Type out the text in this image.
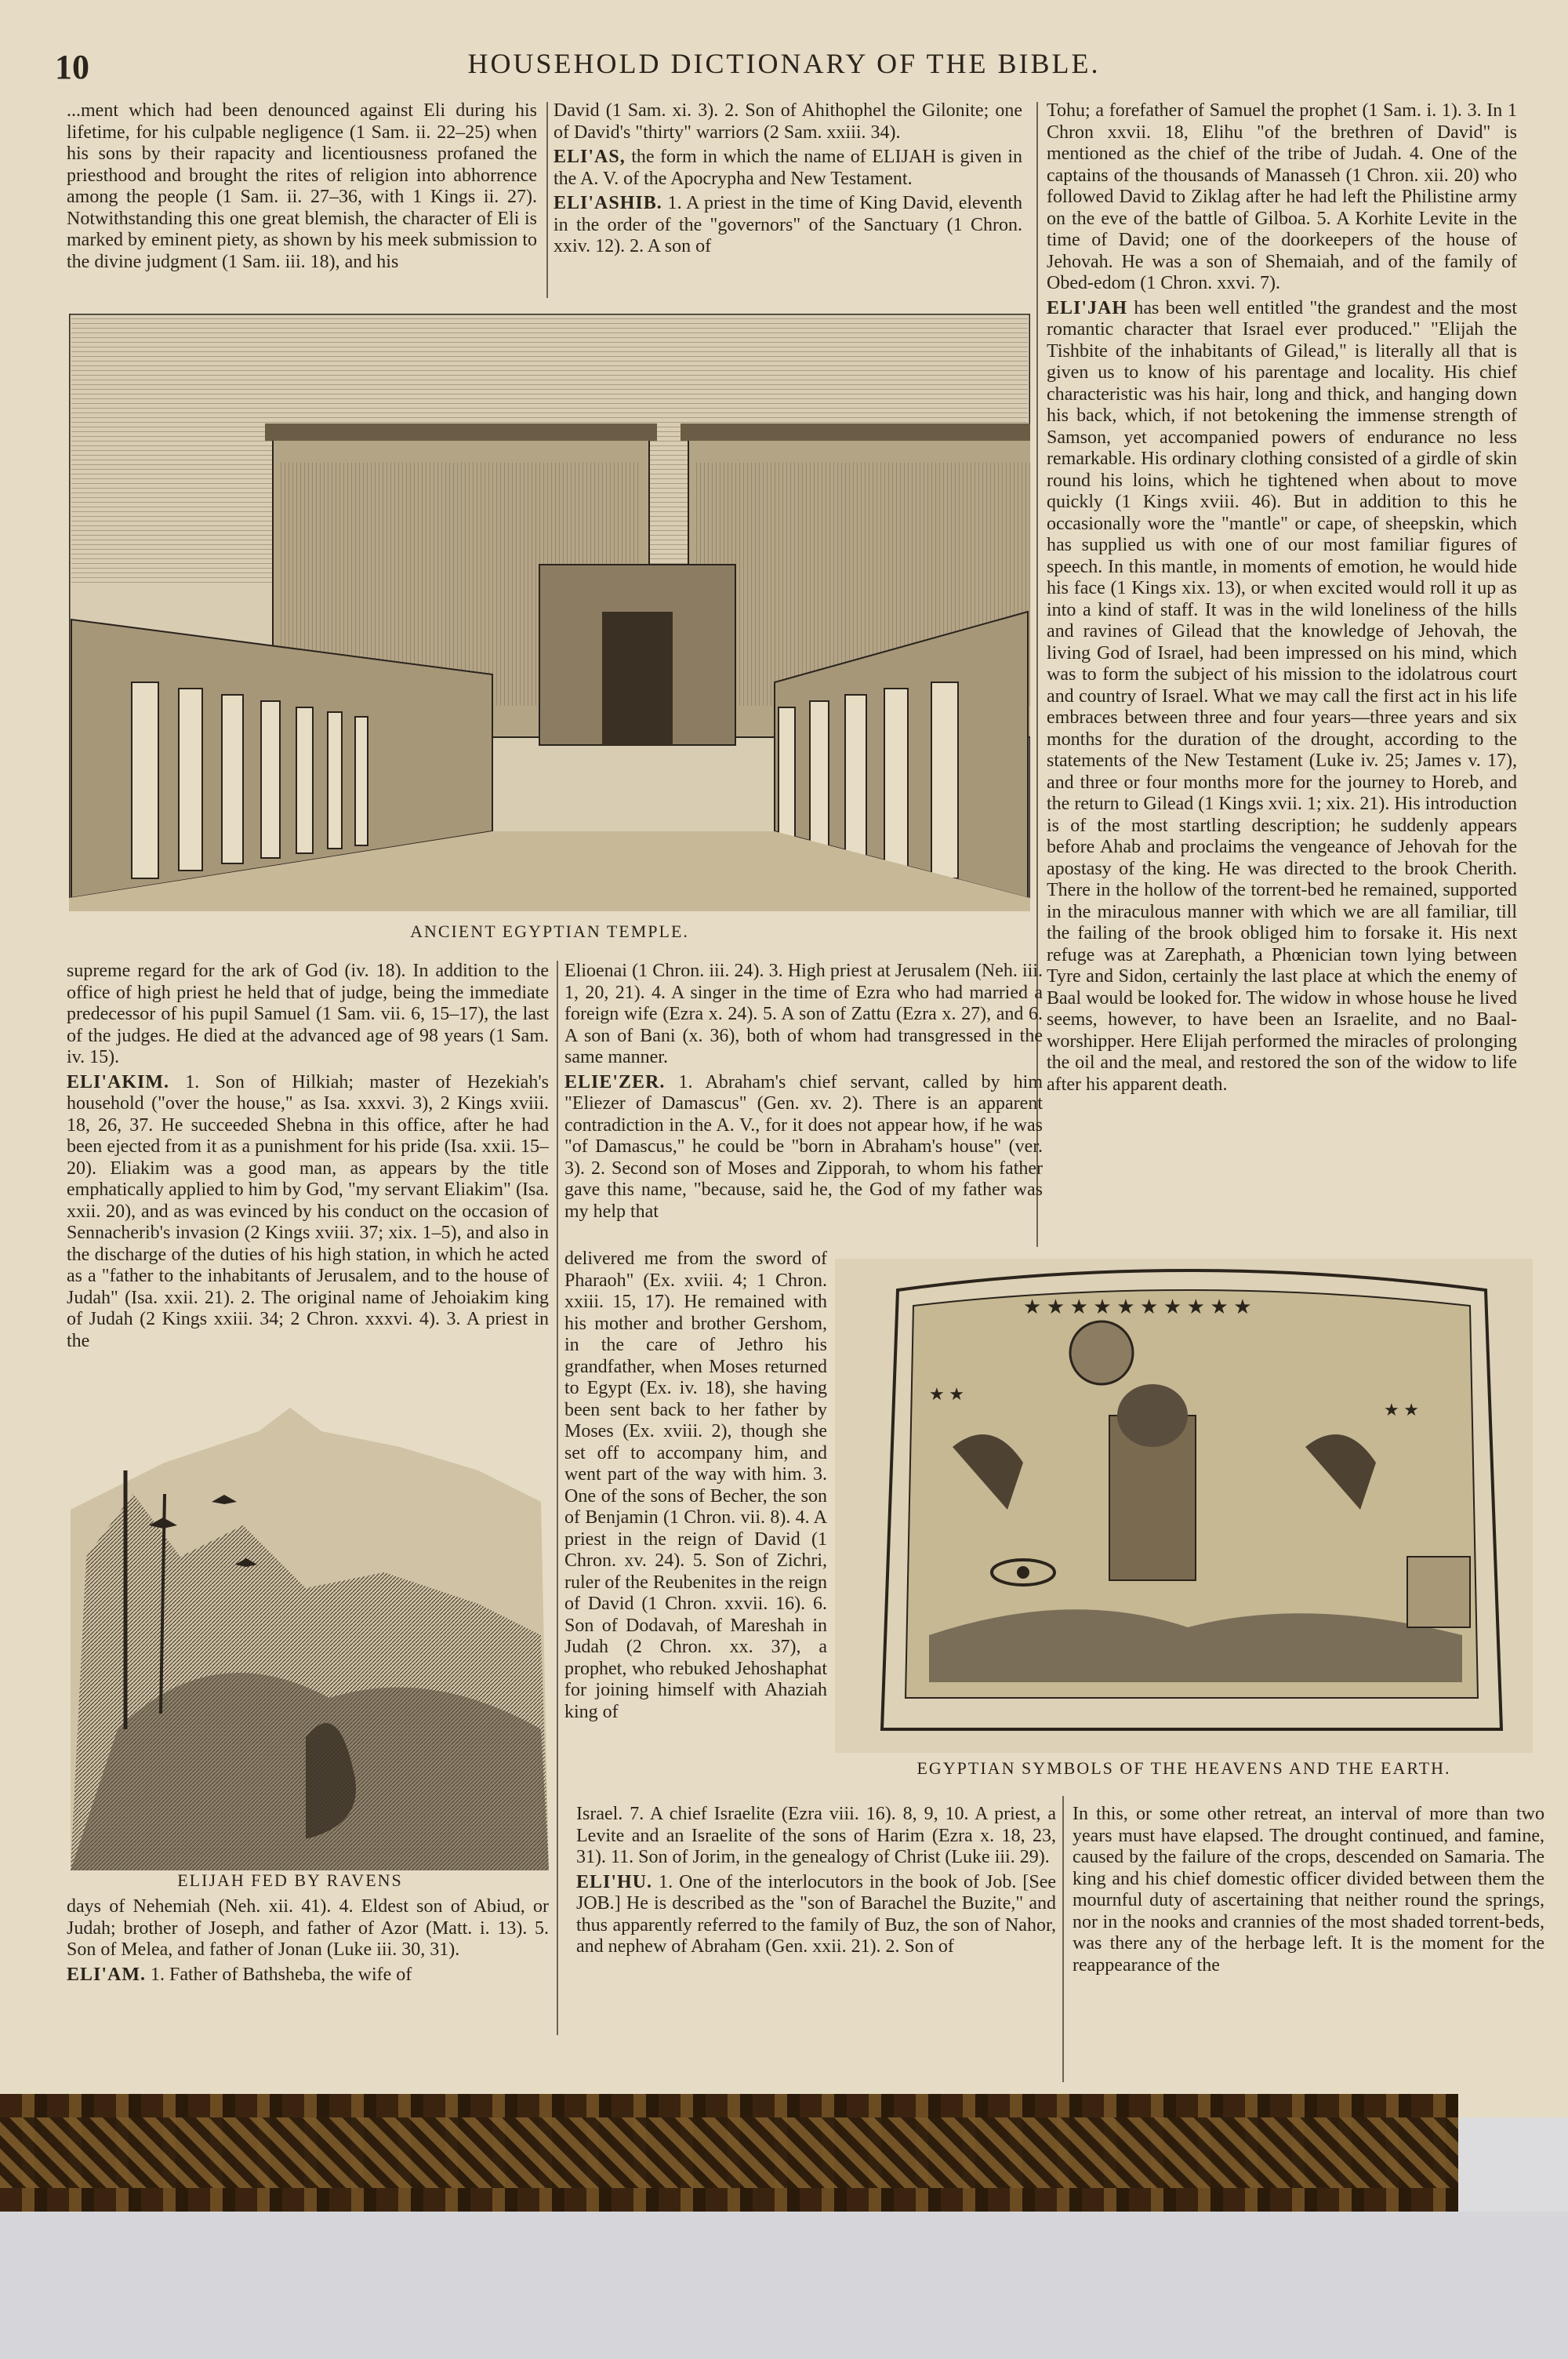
10	HOUSEHOLD DICTIONARY OF THE BIBLE.

...ment which had been denounced against Eli during his lifetime, for his culpable negligence (1 Sam. ii. 22–25) when his sons by their rapacity and licentiousness profaned the priesthood and brought the rites of religion into abhorrence among the people (1 Sam. ii. 27–36, with 1 Kings ii. 27). Notwithstanding this one great blemish, the character of Eli is marked by eminent piety, as shown by his meek submission to the divine judgment (1 Sam. iii. 18), and his

David (1 Sam. xi. 3). 2. Son of Ahithophel the Gilonite; one of David's "thirty" warriors (2 Sam. xxiii. 34).

ELI'AS, the form in which the name of ELIJAH is given in the A. V. of the Apocrypha and New Testament.

ELI'ASHIB. 1. A priest in the time of King David, eleventh in the order of the "governors" of the Sanctuary (1 Chron. xxiv. 12). 2. A son of

ANCIENT EGYPTIAN TEMPLE.

Tohu; a forefather of Samuel the prophet (1 Sam. i. 1). 3. In 1 Chron xxvii. 18, Elihu "of the brethren of David" is mentioned as the chief of the tribe of Judah. 4. One of the captains of the thousands of Manasseh (1 Chron. xii. 20) who followed David to Ziklag after he had left the Philistine army on the eve of the battle of Gilboa. 5. A Korhite Levite in the time of David; one of the doorkeepers of the house of Jehovah. He was a son of Shemaiah, and of the family of Obed-edom (1 Chron. xxvi. 7).

ELI'JAH has been well entitled "the grandest and the most romantic character that Israel ever produced." "Elijah the Tishbite of the inhabitants of Gilead," is literally all that is given us to know of his parentage and locality. His chief characteristic was his hair, long and thick, and hanging down his back, which, if not betokening the immense strength of Samson, yet accompanied powers of endurance no less remarkable. His ordinary clothing consisted of a girdle of skin round his loins, which he tightened when about to move quickly (1 Kings xviii. 46). But in addition to this he occasionally wore the "mantle" or cape, of sheepskin, which has supplied us with one of our most familiar figures of speech. In this mantle, in moments of emotion, he would hide his face (1 Kings xix. 13), or when excited would roll it up as into a kind of staff. It was in the wild loneliness of the hills and ravines of Gilead that the knowledge of Jehovah, the living God of Israel, had been impressed on his mind, which was to form the subject of his mission to the idolatrous court and country of Israel. What we may call the first act in his life embraces between three and four years—three years and six months for the duration of the drought, according to the statements of the New Testament (Luke iv. 25; James v. 17), and three or four months more for the journey to Horeb, and the return to Gilead (1 Kings xvii. 1; xix. 21). His introduction is of the most startling description; he suddenly appears before Ahab and proclaims the vengeance of Jehovah for the apostasy of the king. He was directed to the brook Cherith. There in the hollow of the torrent-bed he remained, supported in the miraculous manner with which we are all familiar, till the failing of the brook obliged him to forsake it. His next refuge was at Zarephath, a Phœnician town lying between Tyre and Sidon, certainly the last place at which the enemy of Baal would be looked for. The widow in whose house he lived seems, however, to have been an Israelite, and no Baal-worshipper. Here Elijah performed the miracles of prolonging the oil and the meal, and restored the son of the widow to life after his apparent death.

supreme regard for the ark of God (iv. 18). In addition to the office of high priest he held that of judge, being the immediate predecessor of his pupil Samuel (1 Sam. vii. 6, 15–17), the last of the judges. He died at the advanced age of 98 years (1 Sam. iv. 15).

ELI'AKIM. 1. Son of Hilkiah; master of Hezekiah's household ("over the house," as Isa. xxxvi. 3), 2 Kings xviii. 18, 26, 37. He succeeded Shebna in this office, after he had been ejected from it as a punishment for his pride (Isa. xxii. 15–20). Eliakim was a good man, as appears by the title emphatically applied to him by God, "my servant Eliakim" (Isa. xxii. 20), and as was evinced by his conduct on the occasion of Sennacherib's invasion (2 Kings xviii. 37; xix. 1–5), and also in the discharge of the duties of his high station, in which he acted as a "father to the inhabitants of Jerusalem, and to the house of Judah" (Isa. xxii. 21). 2. The original name of Jehoiakim king of Judah (2 Kings xxiii. 34; 2 Chron. xxxvi. 4). 3. A priest in the

Elioenai (1 Chron. iii. 24). 3. High priest at Jerusalem (Neh. iii. 1, 20, 21). 4. A singer in the time of Ezra who had married a foreign wife (Ezra x. 24). 5. A son of Zattu (Ezra x. 27), and 6. A son of Bani (x. 36), both of whom had transgressed in the same manner.

ELIE'ZER. 1. Abraham's chief servant, called by him "Eliezer of Damascus" (Gen. xv. 2). There is an apparent contradiction in the A. V., for it does not appear how, if he was "of Damascus," he could be "born in Abraham's house" (ver. 3). 2. Second son of Moses and Zipporah, to whom his father gave this name, "because, said he, the God of my father was my help that

ELIJAH FED BY RAVENS

days of Nehemiah (Neh. xii. 41). 4. Eldest son of Abiud, or Judah; brother of Joseph, and father of Azor (Matt. i. 13). 5. Son of Melea, and father of Jonan (Luke iii. 30, 31).

ELI'AM. 1. Father of Bathsheba, the wife of

delivered me from the sword of Pharaoh" (Ex. xviii. 4; 1 Chron. xxiii. 15, 17). He remained with his mother and brother Gershom, in the care of Jethro his grandfather, when Moses returned to Egypt (Ex. iv. 18), she having been sent back to her father by Moses (Ex. xviii. 2), though she set off to accompany him, and went part of the way with him. 3. One of the sons of Becher, the son of Benjamin (1 Chron. vii. 8). 4. A priest in the reign of David (1 Chron. xv. 24). 5. Son of Zichri, ruler of the Reubenites in the reign of David (1 Chron. xxvii. 16). 6. Son of Dodavah, of Mareshah in Judah (2 Chron. xx. 37), a prophet, who rebuked Jehoshaphat for joining himself with Ahaziah king of

★ ★ ★ ★ ★ ★ ★ ★ ★ ★
★ ★
★ ★
EGYPTIAN SYMBOLS OF THE HEAVENS AND THE EARTH.

Israel. 7. A chief Israelite (Ezra viii. 16). 8, 9, 10. A priest, a Levite and an Israelite of the sons of Harim (Ezra x. 18, 23, 31). 11. Son of Jorim, in the genealogy of Christ (Luke iii. 29).

ELI'HU. 1. One of the interlocutors in the book of Job. [See JOB.] He is described as the "son of Barachel the Buzite," and thus apparently referred to the family of Buz, the son of Nahor, and nephew of Abraham (Gen. xxii. 21). 2. Son of

In this, or some other retreat, an interval of more than two years must have elapsed. The drought continued, and famine, caused by the failure of the crops, descended on Samaria. The king and his chief domestic officer divided between them the mournful duty of ascertaining that neither round the springs, nor in the nooks and crannies of the most shaded torrent-beds, was there any of the herbage left. It is the moment for the reappearance of the
